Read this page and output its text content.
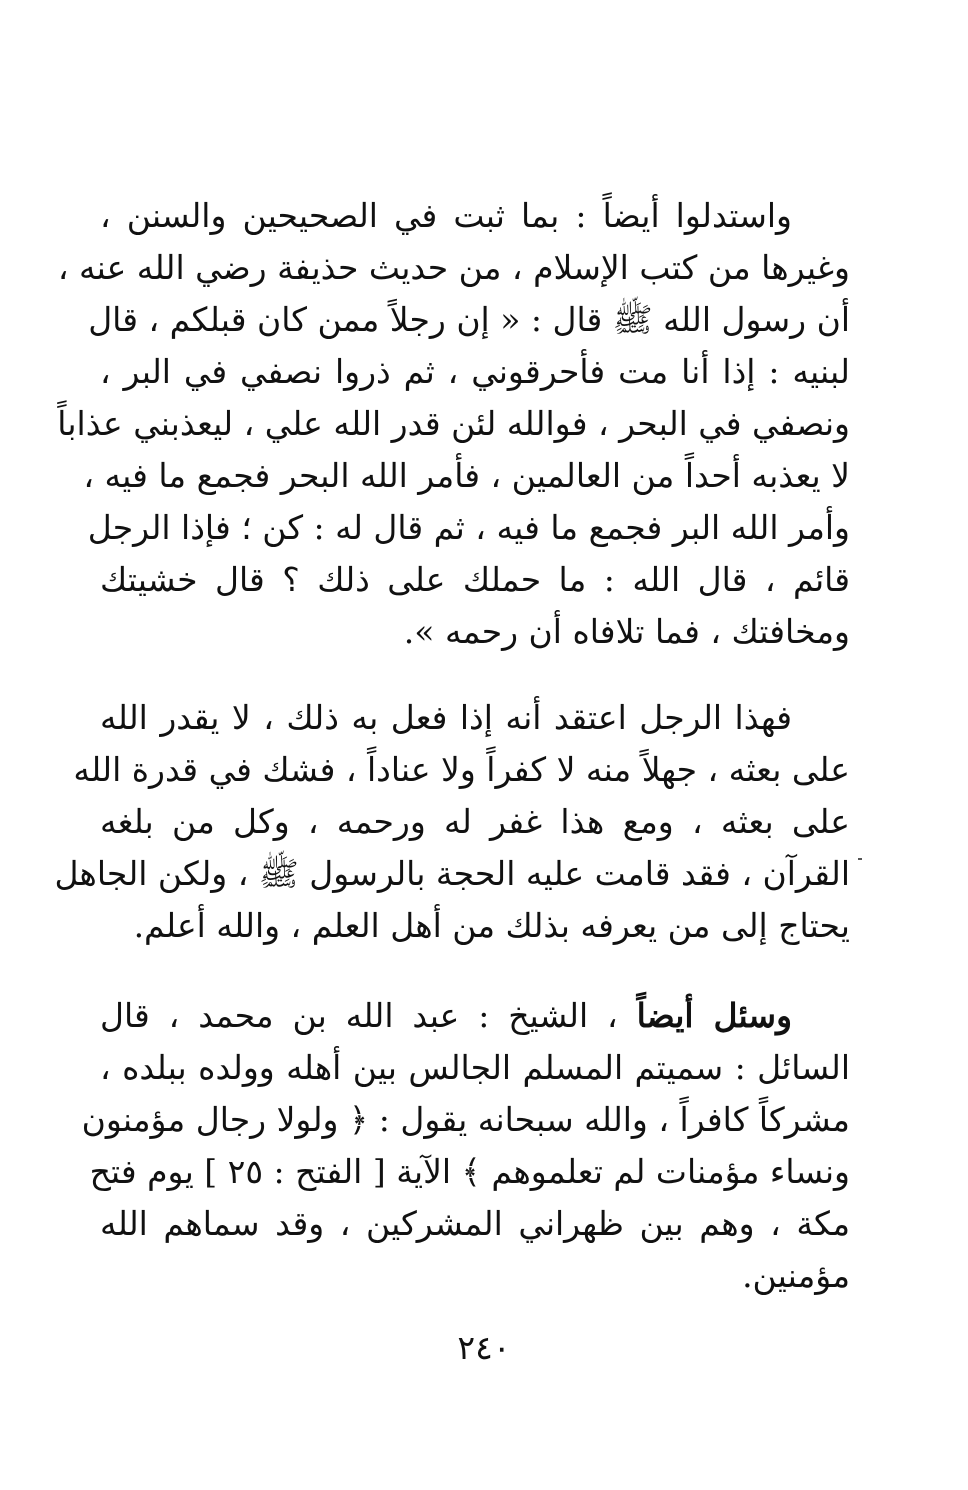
واستدلوا أيضاً : بما ثبت في الصحيحين والسنن ،
وغيرها من كتب الإسلام ، من حديث حذيفة رضي الله عنه ،
أن رسول الله ﷺ قال : « إن رجلاً ممن كان قبلكم ، قال
لبنيه : إذا أنا مت فأحرقوني ، ثم ذروا نصفي في البر ،
ونصفي في البحر ، فوالله لئن قدر الله علي ، ليعذبني عذاباً
لا يعذبه أحداً من العالمين ، فأمر الله البحر فجمع ما فيه ،
وأمر الله البر فجمع ما فيه ، ثم قال له : كن ؛ فإذا الرجل
قائم ، قال الله : ما حملك على ذلك ؟ قال خشيتك
ومخافتك ، فما تلافاه أن رحمه ».
فهذا الرجل اعتقد أنه إذا فعل به ذلك ، لا يقدر الله
على بعثه ، جهلاً منه لا كفراً ولا عناداً ، فشك في قدرة الله
على بعثه ، ومع هذا غفر له ورحمه ، وكل من بلغه
القرآن ، فقد قامت عليه الحجة بالرسول ﷺ ، ولكن الجاهل
يحتاج إلى من يعرفه بذلك من أهل العلم ، والله أعلم.
وسئل أيضاً ، الشيخ : عبد الله بن محمد ، قال
السائل : سميتم المسلم الجالس بين أهله وولده ببلده ،
مشركاً كافراً ، والله سبحانه يقول : ﴿ ولولا رجال مؤمنون
ونساء مؤمنات لم تعلموهم ﴾ الآية [ الفتح : ٢٥ ] يوم فتح
مكة ، وهم بين ظهراني المشركين ، وقد سماهم الله
مؤمنين.
٢٤٠
